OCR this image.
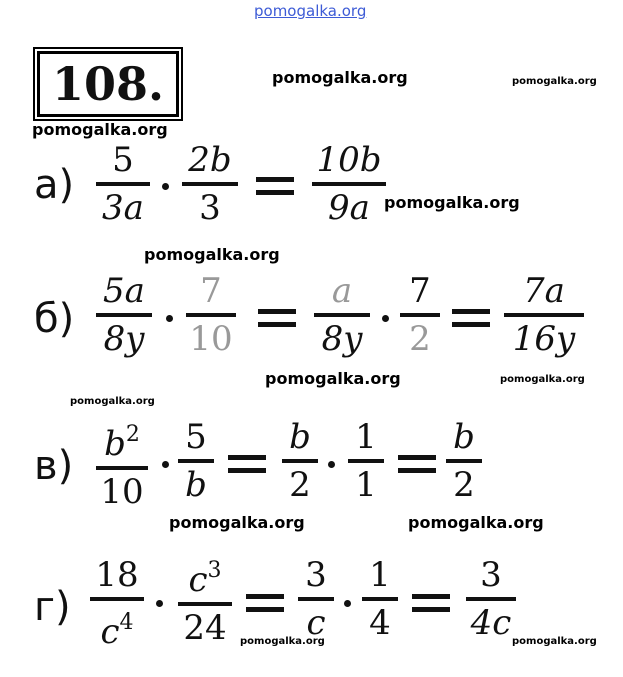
pomogalka.org
pomogalka.org	pomogalka.org
pomogalka.org
pomogalka.org
pomogalka.org
pomogalka.org	pomogalka.org
pomogalka.org
pomogalka.org	pomogalka.org
pomogalka.org	pomogalka.org
108.
а)
5
3a
2b
3
10b
9a
б)
5a
8y
7
10
a
8y
7
2
7a
16y
в) $b^2$
10
5
b
b
2
1
1
b
2
г)
18
$c^4$
$c^3$
24
3
c
1
4
3
4c
